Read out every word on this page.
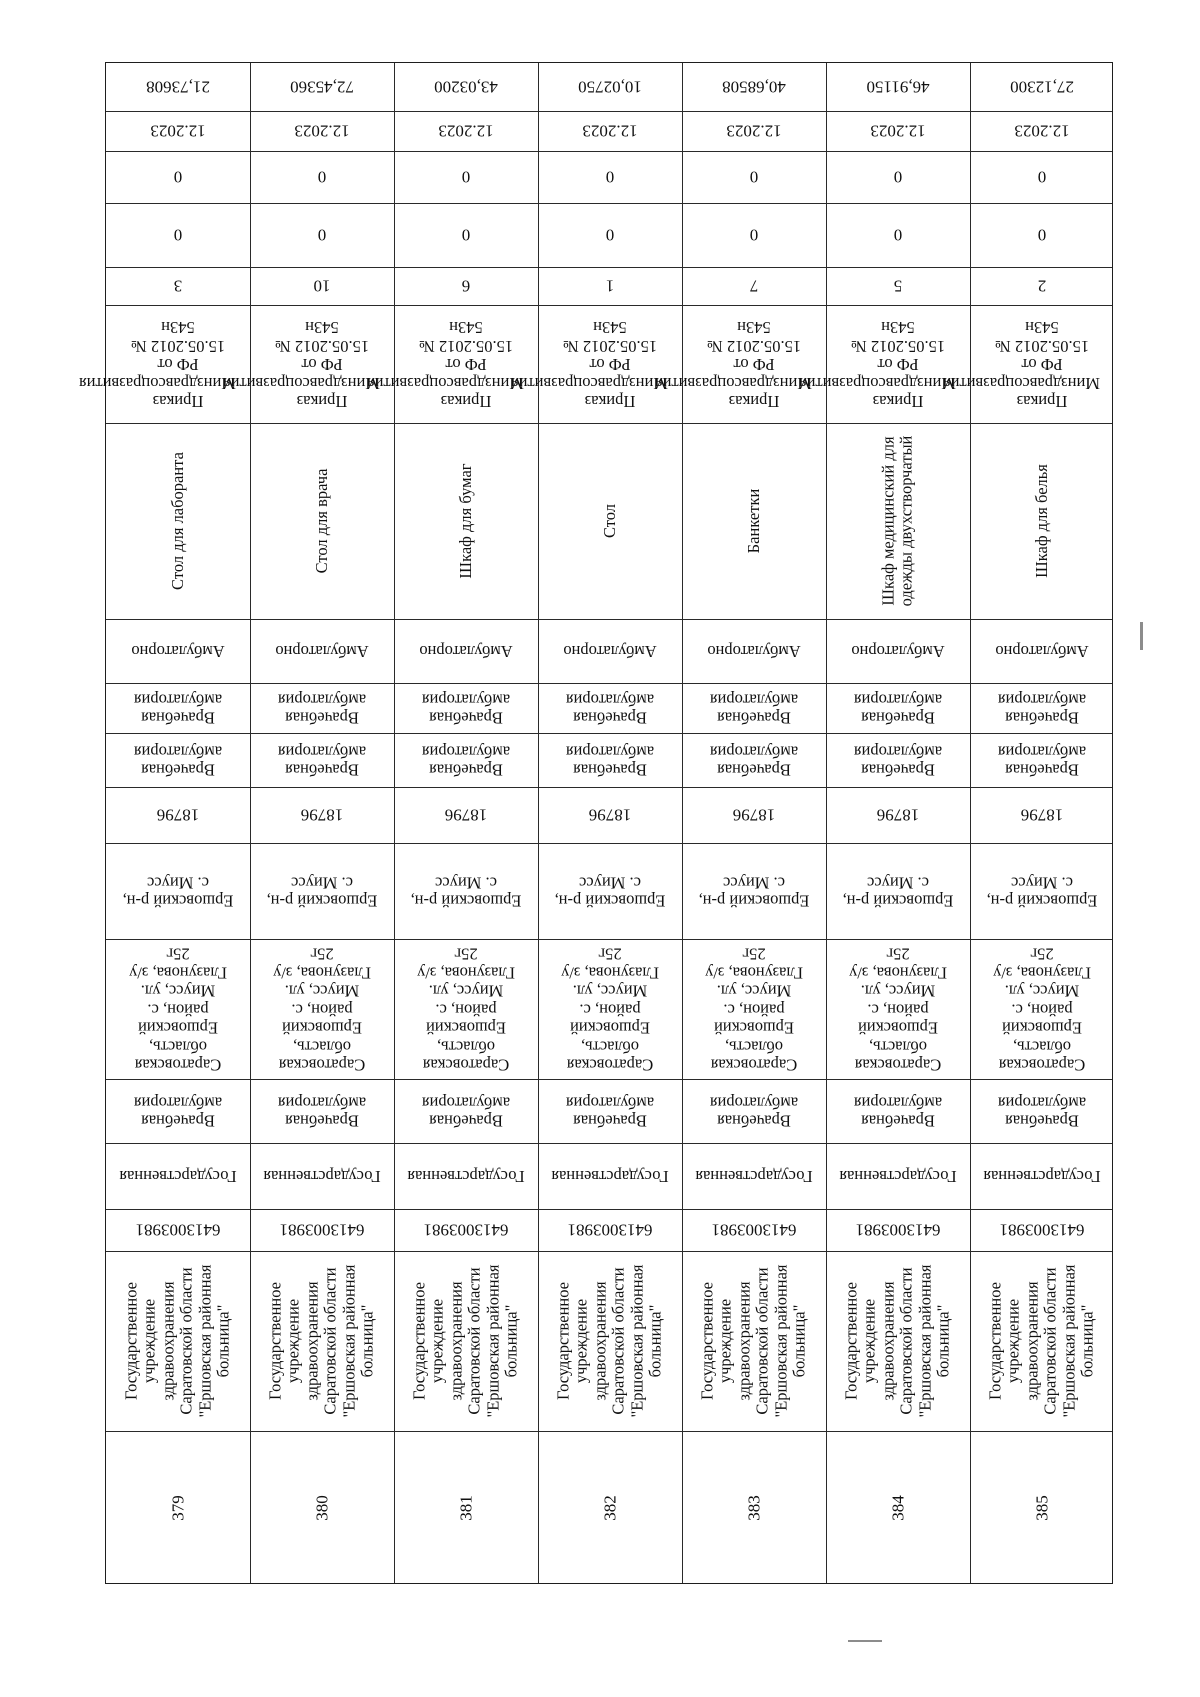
21,73608
12.2023
0
0
3
Приказ Минздравсоцразвития РФ от 15.05.2012 № 543н
Стол для лаборанта
Амбулаторно
Врачебная амбулатория
Врачебная амбулатория
18796
Ершовский р-н, с. Миусс
Саратовская область, Ершовский район, с. Миусс, ул. Глазунова, з/у 25г
Врачебная амбулатория
Государственная
6413003981
Государственное учреждение здравоохранения Саратовской области "Ершовская районная больница"
379
72,45360
12.2023
0
0
10
Приказ Минздравсоцразвития РФ от 15.05.2012 № 543н
Стол для врача
Амбулаторно
Врачебная амбулатория
Врачебная амбулатория
18796
Ершовский р-н, с. Миусс
Саратовская область, Ершовский район, с. Миусс, ул. Глазунова, з/у 25г
Врачебная амбулатория
Государственная
6413003981
Государственное учреждение здравоохранения Саратовской области "Ершовская районная больница"
380
43,03200
12.2023
0
0
6
Приказ Минздравсоцразвития РФ от 15.05.2012 № 543н
Шкаф для бумаг
Амбулаторно
Врачебная амбулатория
Врачебная амбулатория
18796
Ершовский р-н, с. Миусс
Саратовская область, Ершовский район, с. Миусс, ул. Глазунова, з/у 25г
Врачебная амбулатория
Государственная
6413003981
Государственное учреждение здравоохранения Саратовской области "Ершовская районная больница"
381
10,02750
12.2023
0
0
1
Приказ Минздравсоцразвития РФ от 15.05.2012 № 543н
Стол
Амбулаторно
Врачебная амбулатория
Врачебная амбулатория
18796
Ершовский р-н, с. Миусс
Саратовская область, Ершовский район, с. Миусс, ул. Глазунова, з/у 25г
Врачебная амбулатория
Государственная
6413003981
Государственное учреждение здравоохранения Саратовской области "Ершовская районная больница"
382
40,68508
12.2023
0
0
7
Приказ Минздравсоцразвития РФ от 15.05.2012 № 543н
Банкетки
Амбулаторно
Врачебная амбулатория
Врачебная амбулатория
18796
Ершовский р-н, с. Миусс
Саратовская область, Ершовский район, с. Миусс, ул. Глазунова, з/у 25г
Врачебная амбулатория
Государственная
6413003981
Государственное учреждение здравоохранения Саратовской области "Ершовская районная больница"
383
46,91150
12.2023
0
0
5
Приказ Минздравсоцразвития РФ от 15.05.2012 № 543н
Шкаф медицинский для одежды двухстворчатый
Амбулаторно
Врачебная амбулатория
Врачебная амбулатория
18796
Ершовский р-н, с. Миусс
Саратовская область, Ершовский район, с. Миусс, ул. Глазунова, з/у 25г
Врачебная амбулатория
Государственная
6413003981
Государственное учреждение здравоохранения Саратовской области "Ершовская районная больница"
384
27,12300
12.2023
0
0
2
Приказ Минздравсоцразвития РФ от 15.05.2012 № 543н
Шкаф для белья
Амбулаторно
Врачебная амбулатория
Врачебная амбулатория
18796
Ершовский р-н, с. Миусс
Саратовская область, Ершовский район, с. Миусс, ул. Глазунова, з/у 25г
Врачебная амбулатория
Государственная
6413003981
Государственное учреждение здравоохранения Саратовской области "Ершовская районная больница"
385
